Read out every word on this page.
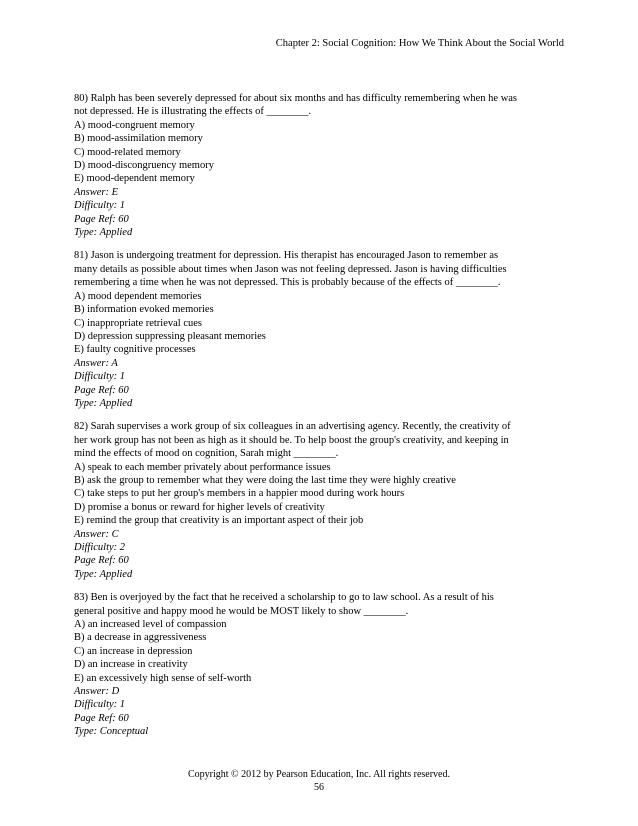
Chapter 2: Social Cognition: How We Think About the Social World
80) Ralph has been severely depressed for about six months and has difficulty remembering when he was
not depressed. He is illustrating the effects of ________.
A) mood-congruent memory
B) mood-assimilation memory
C) mood-related memory
D) mood-discongruency memory
E) mood-dependent memory
Answer: E
Difficulty: 1
Page Ref: 60
Type: Applied
81) Jason is undergoing treatment for depression. His therapist has encouraged Jason to remember as
many details as possible about times when Jason was not feeling depressed. Jason is having difficulties
remembering a time when he was not depressed. This is probably because of the effects of ________.
A) mood dependent memories
B) information evoked memories
C) inappropriate retrieval cues
D) depression suppressing pleasant memories
E) faulty cognitive processes
Answer: A
Difficulty: 1
Page Ref: 60
Type: Applied
82) Sarah supervises a work group of six colleagues in an advertising agency. Recently, the creativity of
her work group has not been as high as it should be. To help boost the group's creativity, and keeping in
mind the effects of mood on cognition, Sarah might ________.
A) speak to each member privately about performance issues
B) ask the group to remember what they were doing the last time they were highly creative
C) take steps to put her group's members in a happier mood during work hours
D) promise a bonus or reward for higher levels of creativity
E) remind the group that creativity is an important aspect of their job
Answer: C
Difficulty: 2
Page Ref: 60
Type: Applied
83) Ben is overjoyed by the fact that he received a scholarship to go to law school. As a result of his
general positive and happy mood he would be MOST likely to show ________.
A) an increased level of compassion
B) a decrease in aggressiveness
C) an increase in depression
D) an increase in creativity
E) an excessively high sense of self-worth
Answer: D
Difficulty: 1
Page Ref: 60
Type: Conceptual
Copyright © 2012 by Pearson Education, Inc. All rights reserved.
56
